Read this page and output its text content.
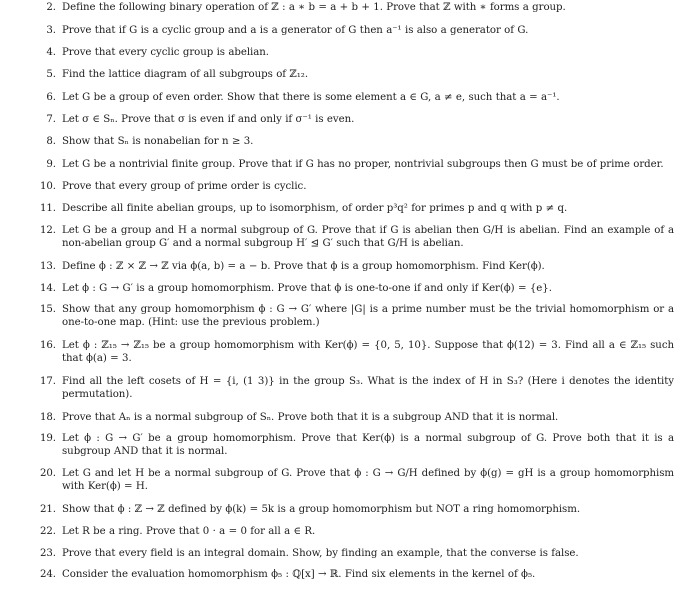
2. Define the following binary operation of ℤ : a ∗ b = a + b + 1. Prove that ℤ with ∗ forms a group.
3. Prove that if G is a cyclic group and a is a generator of G then a⁻¹ is also a generator of G.
4. Prove that every cyclic group is abelian.
5. Find the lattice diagram of all subgroups of ℤ₁₂.
6. Let G be a group of even order. Show that there is some element a ∈ G, a ≠ e, such that a = a⁻¹.
7. Let σ ∈ Sₙ. Prove that σ is even if and only if σ⁻¹ is even.
8. Show that Sₙ is nonabelian for n ≥ 3.
9. Let G be a nontrivial finite group. Prove that if G has no proper, nontrivial subgroups then G must be of prime order.
10. Prove that every group of prime order is cyclic.
11. Describe all finite abelian groups, up to isomorphism, of order p³q² for primes p and q with p ≠ q.
12. Let G be a group and H a normal subgroup of G. Prove that if G is abelian then G/H is abelian. Find an example of a non-abelian group G′ and a normal subgroup H′ ⊴ G′ such that G/H is abelian.
13. Define ϕ : ℤ × ℤ → ℤ via ϕ(a, b) = a − b. Prove that ϕ is a group homomorphism. Find Ker(ϕ).
14. Let ϕ : G → G′ is a group homomorphism. Prove that ϕ is one-to-one if and only if Ker(ϕ) = {e}.
15. Show that any group homomorphism ϕ : G → G′ where |G| is a prime number must be the trivial homomorphism or a one-to-one map. (Hint: use the previous problem.)
16. Let ϕ : ℤ₁₅ → ℤ₁₅ be a group homomorphism with Ker(ϕ) = {0, 5, 10}. Suppose that ϕ(12) = 3. Find all a ∈ ℤ₁₅ such that ϕ(a) = 3.
17. Find all the left cosets of H = {i, (1 3)} in the group S₃. What is the index of H in S₃? (Here i denotes the identity permutation).
18. Prove that Aₙ is a normal subgroup of Sₙ. Prove both that it is a subgroup AND that it is normal.
19. Let ϕ : G → G′ be a group homomorphism. Prove that Ker(ϕ) is a normal subgroup of G. Prove both that it is a subgroup AND that it is normal.
20. Let G and let H be a normal subgroup of G. Prove that ϕ : G → G/H defined by ϕ(g) = gH is a group homomorphism with Ker(ϕ) = H.
21. Show that ϕ : ℤ → ℤ defined by ϕ(k) = 5k is a group homomorphism but NOT a ring homomorphism.
22. Let R be a ring. Prove that 0 · a = 0 for all a ∈ R.
23. Prove that every field is an integral domain. Show, by finding an example, that the converse is false.
24. Consider the evaluation homomorphism ϕ₅ : ℚ[x] → ℝ. Find six elements in the kernel of ϕ₅.
